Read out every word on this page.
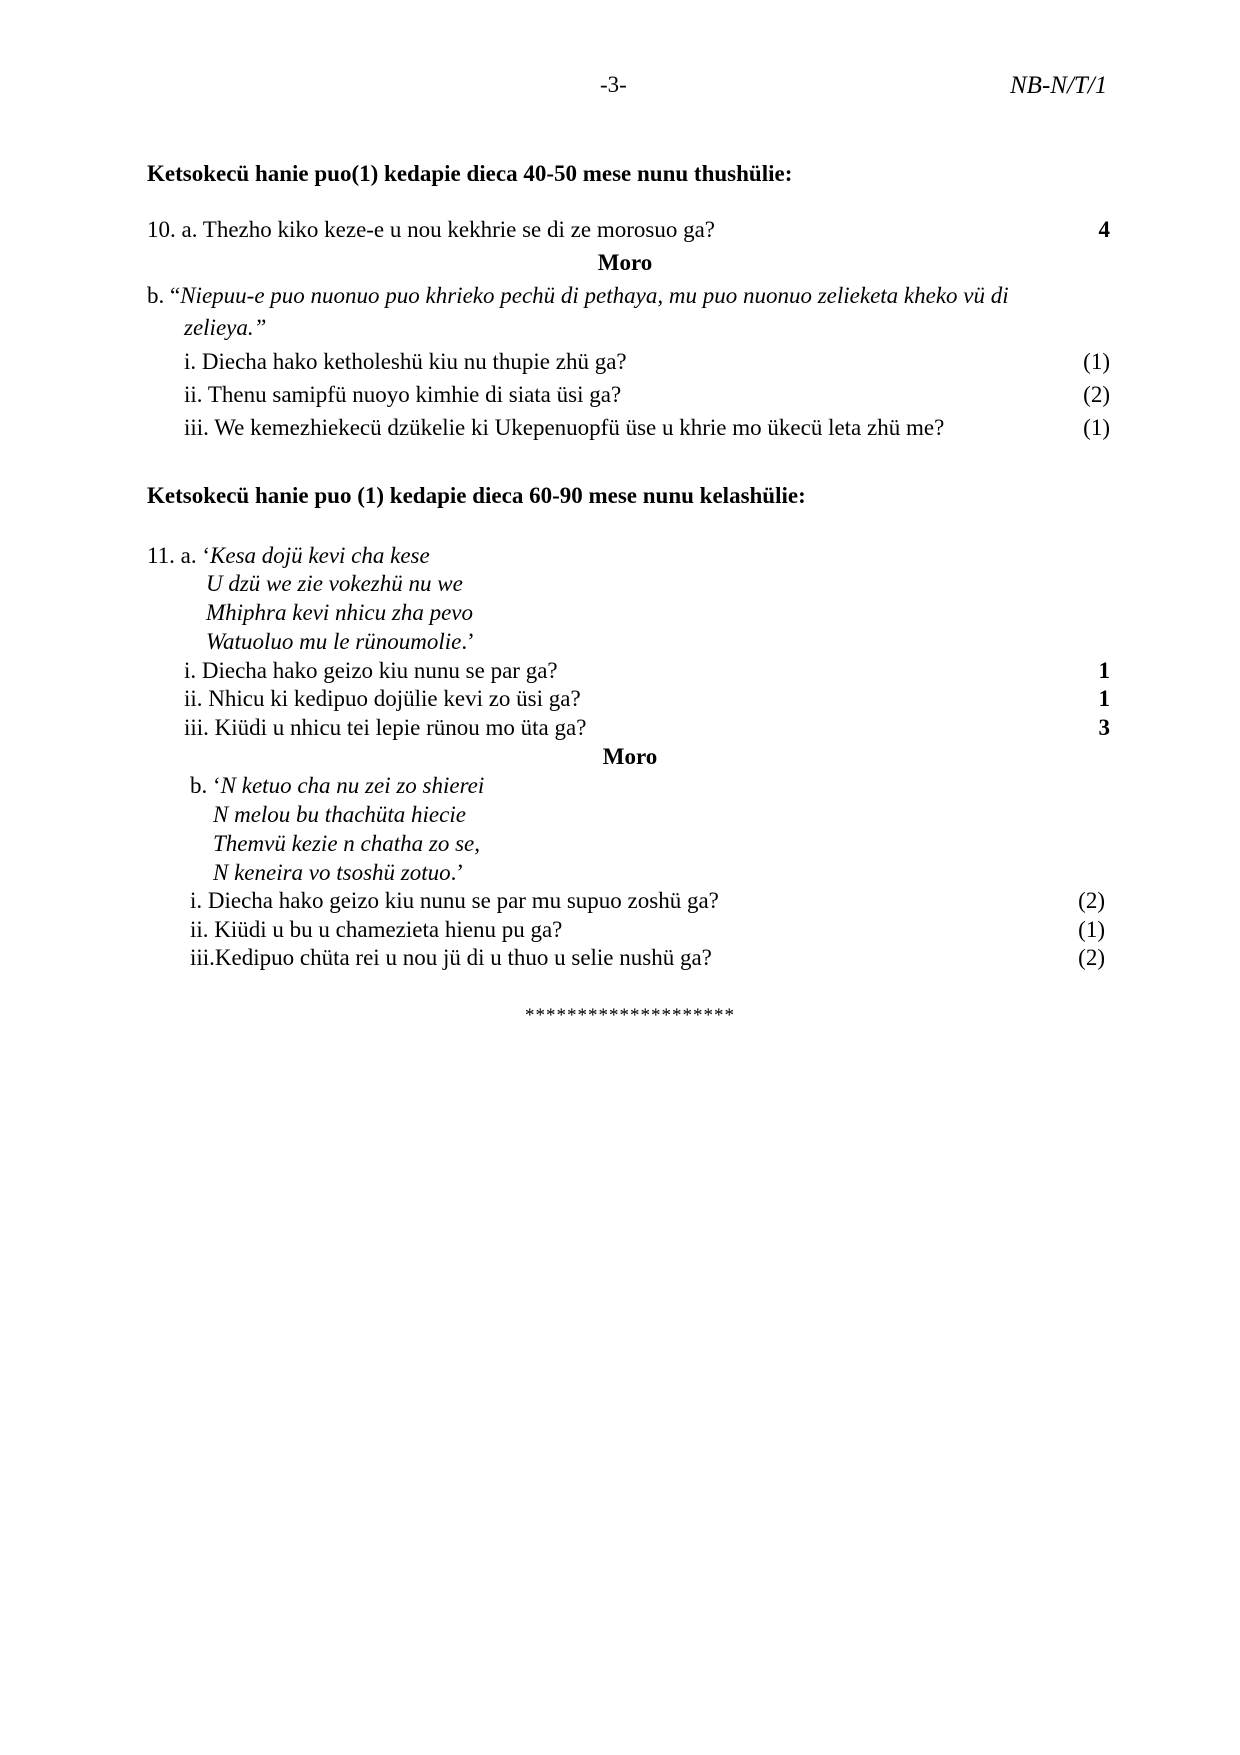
-3-	NB-N/T/1
Ketsokecü hanie puo(1) kedapie dieca 40-50 mese nunu thushülie:
10. a. Thezho kiko keze-e u nou kekhrie se di ze morosuo ga?	4
Moro
b. “Niepuu-e puo nuonuo puo khrieko pechü di pethaya, mu puo nuonuo zelieketa kheko vü di
zelieya.”
i. Diecha hako ketholeshü kiu nu thupie zhü ga?	(1)
ii. Thenu samipfü nuoyo kimhie di siata üsi ga?	(2)
iii. We kemezhiekecü dzükelie ki Ukepenuopfü üse u khrie mo ükecü leta zhü me?	(1)
Ketsokecü hanie puo (1) kedapie dieca 60-90 mese nunu kelashülie:
11. a. ‘Kesa dojü kevi cha kese
U dzü we zie vokezhü nu we
Mhiphra kevi nhicu zha pevo
Watuoluo mu le rünoumolie.’
i. Diecha hako geizo kiu nunu se par ga?	1
ii. Nhicu ki kedipuo dojülie kevi zo üsi ga?	1
iii. Kiüdi u nhicu tei lepie rünou mo üta ga?	3
Moro
b. ‘N ketuo cha nu zei zo shierei
N melou bu thachüta hiecie
Themvü kezie n chatha zo se,
N keneira vo tsoshü zotuo.’
i. Diecha hako geizo kiu nunu se par mu supuo zoshü ga?	(2)
ii. Kiüdi u bu u chamezieta hienu pu ga?	(1)
iii.Kedipuo chüta rei u nou jü di u thuo u selie nushü ga?	(2)
********************
